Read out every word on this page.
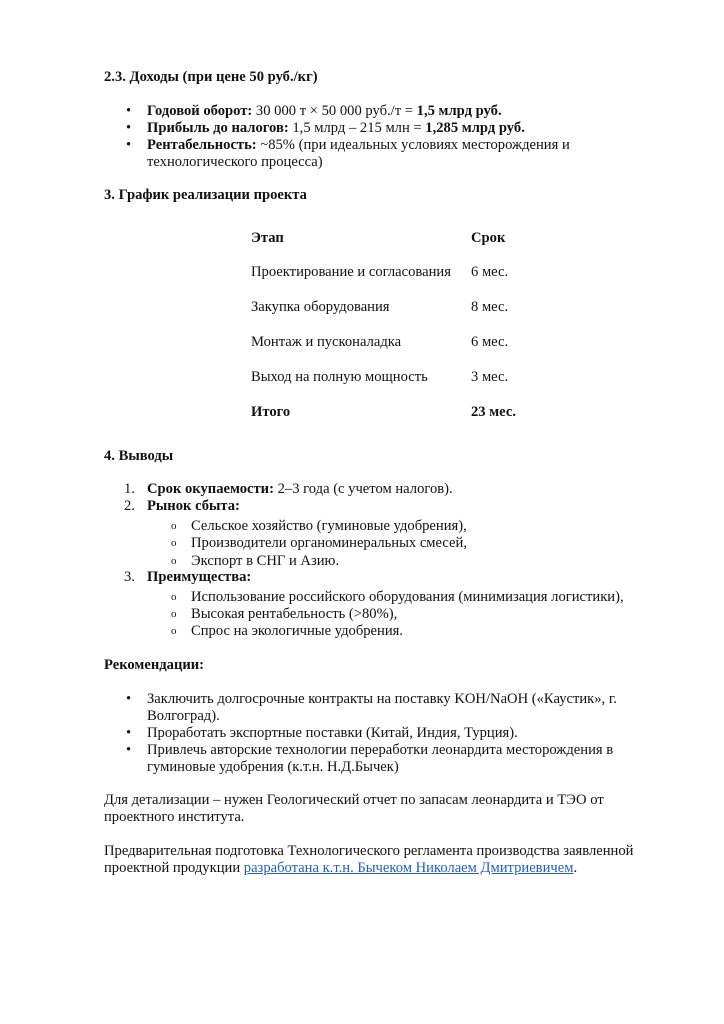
2.3. Доходы (при цене 50 руб./кг)
• Годовой оборот: 30 000 т × 50 000 руб./т = 1,5 млрд руб.
• Прибыль до налогов: 1,5 млрд – 215 млн = 1,285 млрд руб.
• Рентабельность: ~85% (при идеальных условиях месторождения и технологического процесса)
3. График реализации проекта
Этап	Срок
Проектирование и согласования 6 мес.
Закупка оборудования	8 мес.
Монтаж и пусконаладка	6 мес.
Выход на полную мощность	3 мес.
Итого	23 мес.
4. Выводы
1. Срок окупаемости: 2–3 года (с учетом налогов).
2. Рынок сбыта:
o Сельское хозяйство (гуминовые удобрения),
o Производители органоминеральных смесей,
o Экспорт в СНГ и Азию.
3. Преимущества:
o Использование российского оборудования (минимизация логистики),
o Высокая рентабельность (>80%),
o Спрос на экологичные удобрения.
Рекомендации:
• Заключить долгосрочные контракты на поставку KOH/NaOH («Каустик», г. Волгоград).
• Проработать экспортные поставки (Китай, Индия, Турция).
• Привлечь авторские технологии переработки леонардита месторождения в гуминовые удобрения (к.т.н. Н.Д.Бычек)
Для детализации – нужен Геологический отчет по запасам леонардита и ТЭО от проектного института.
Предварительная подготовка Технологического регламента производства заявленной проектной продукции разработана к.т.н. Бычеком Николаем Дмитриевичем.
